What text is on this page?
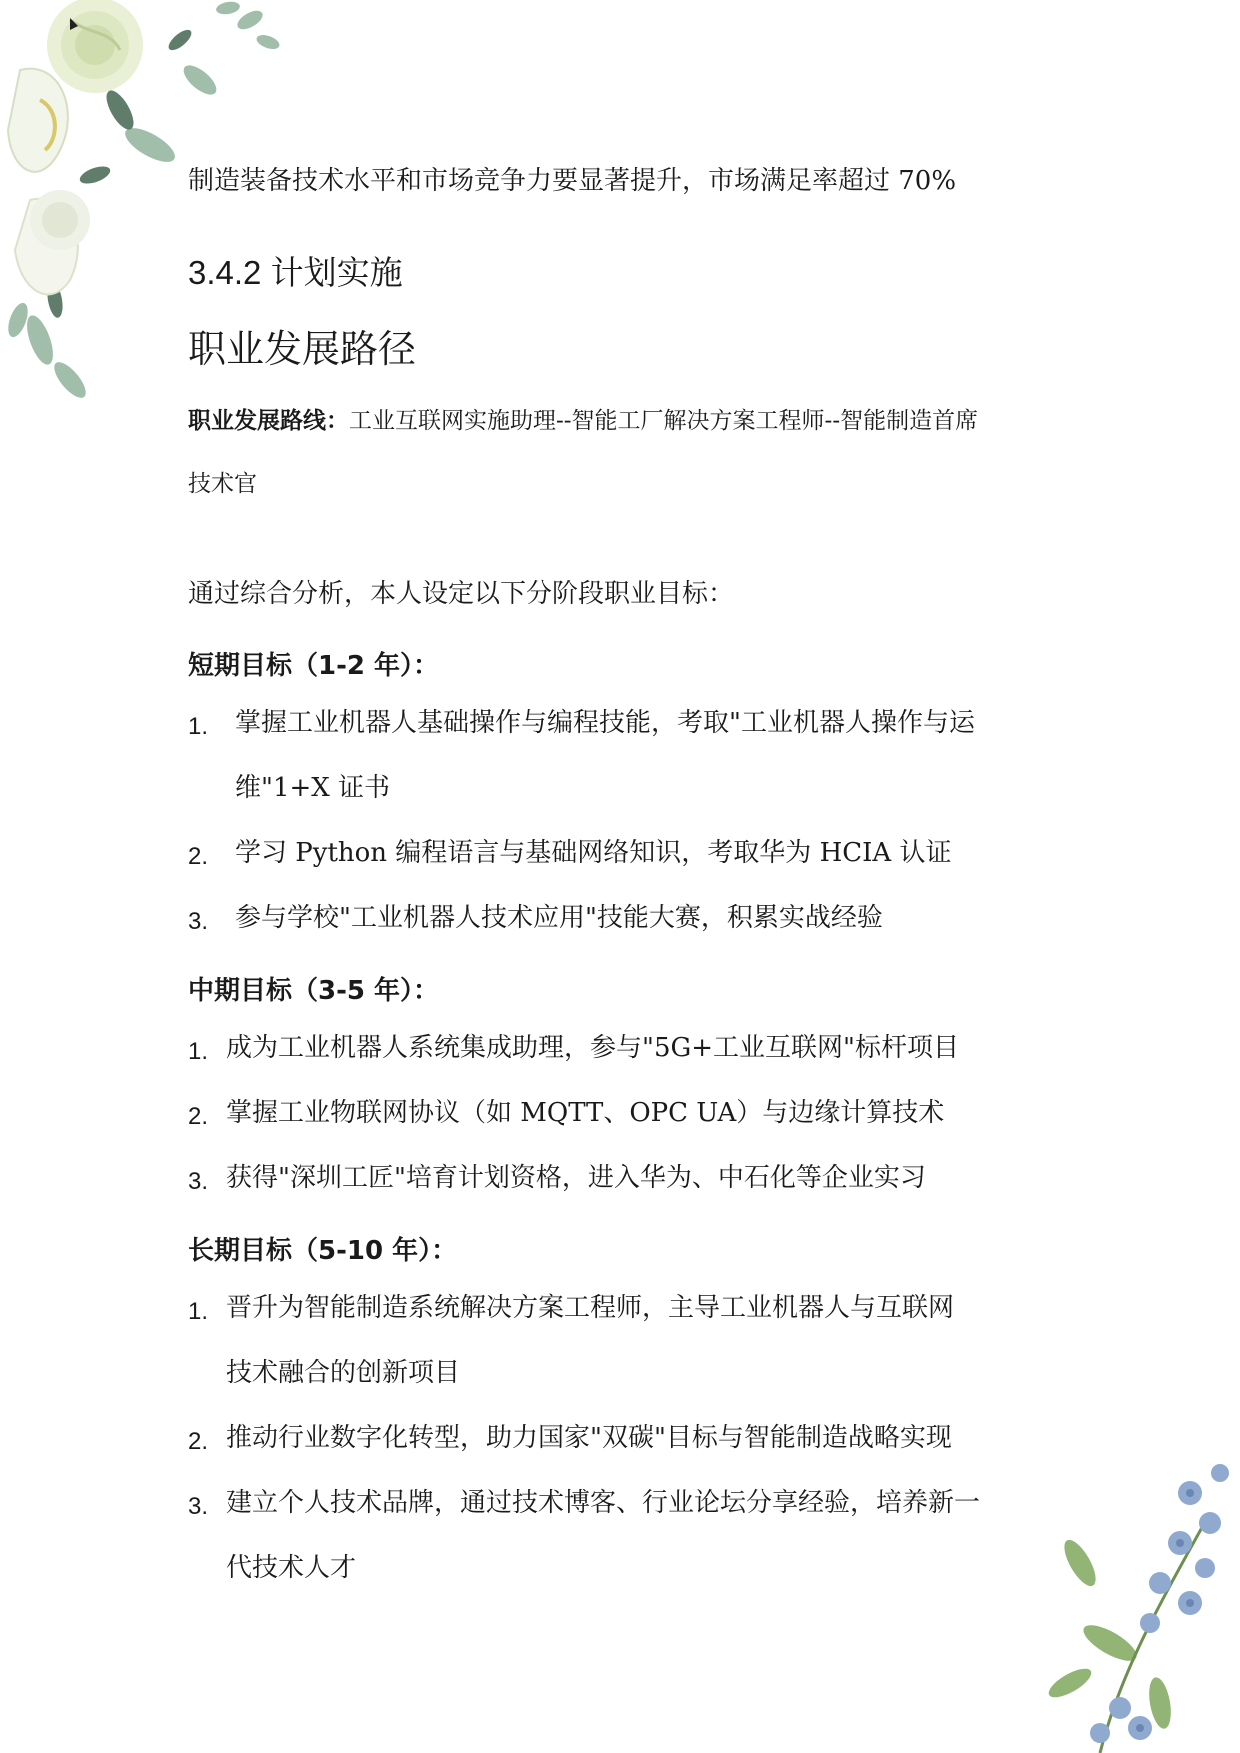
制造装备技术水平和市场竞争力要显著提升，市场满足率超过 70%
3.4.2 计划实施
职业发展路径
职业发展路线：工业互联网实施助理--智能工厂解决方案工程师--智能制造首席
技术官
通过综合分析，本人设定以下分阶段职业目标：
短期目标（1-2 年）：
1. 掌握工业机器人基础操作与编程技能，考取"工业机器人操作与运
维"1+X 证书
2. 学习 Python 编程语言与基础网络知识，考取华为 HCIA 认证
3. 参与学校"工业机器人技术应用"技能大赛，积累实战经验
中期目标（3-5 年）：
1. 成为工业机器人系统集成助理，参与"5G+工业互联网"标杆项目
2. 掌握工业物联网协议（如 MQTT、OPC UA）与边缘计算技术
3. 获得"深圳工匠"培育计划资格，进入华为、中石化等企业实习
长期目标（5-10 年）：
1. 晋升为智能制造系统解决方案工程师，主导工业机器人与互联网
技术融合的创新项目
2. 推动行业数字化转型，助力国家"双碳"目标与智能制造战略实现
3. 建立个人技术品牌，通过技术博客、行业论坛分享经验，培养新一
代技术人才
